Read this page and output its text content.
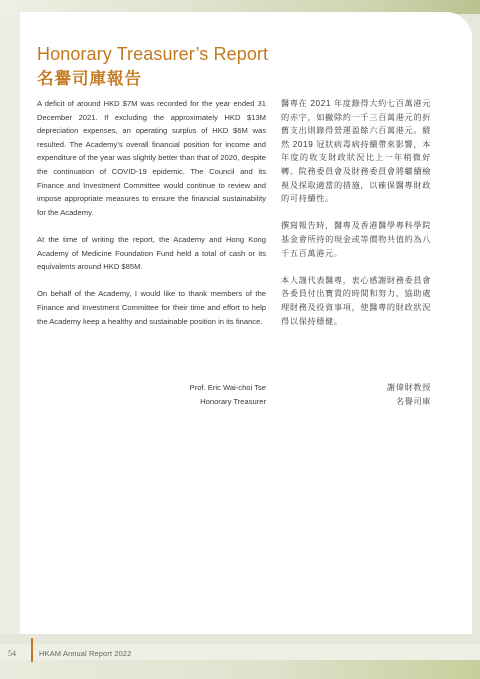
Honorary Treasurer’s Report
名譽司庫報告

A deficit of around HKD $7M was recorded for the year ended 31 December 2021. If excluding the approximately HKD $13M depreciation expenses, an operating surplus of HKD $6M was resulted. The Academy’s overall financial position for income and expenditure of the year was slightly better than that of 2020, despite the continuation of COVID-19 epidemic. The Council and its Finance and Investment Committee would continue to review and impose appropriate measures to ensure the financial sustainability for the Academy.

At the time of writing the report, the Academy and Hong Kong Academy of Medicine Foundation Fund held a total of cash or its equivalents around HKD $85M.

On behalf of the Academy, I would like to thank members of the Finance and Investment Committee for their time and effort to help the Academy keep a healthy and sustainable position in its finance.

醫專在 2021 年度錄得大約七百萬港元的赤字，如撇除約一千三百萬港元的折舊支出則錄得營運盈餘六百萬港元。縱然 2019 冠狀病毒病持續帶來影響，本年度的收支財政狀況比上一年稍微好轉。院務委員會及財務委員會將繼續檢視及採取適當的措施，以確保醫專財政的可持續性。

撰寫報告時，醫專及香港醫學專科學院基金會所持的現金或等價物共值約為八千五百萬港元。

本人謹代表醫專，衷心感謝財務委員會各委員付出寶貴的時間和努力，協助處理財務及投資事項，使醫專的財政狀況得以保持穩健。

Prof. Eric Wai-choi Tse
Honorary Treasurer
謝偉財教授
名譽司庫
54	HKAM Annual Report 2022
